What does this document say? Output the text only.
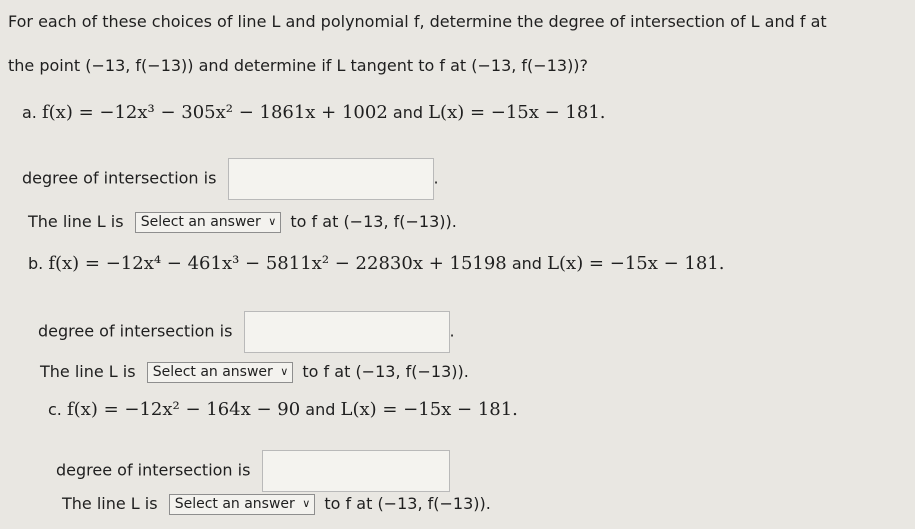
For each of these choices of line L and polynomial f, determine the degree of intersection of L and f at
the point (−13, f(−13)) and determine if L tangent to f at (−13, f(−13))?
a. f(x) = −12x³ − 305x² − 1861x + 1002 and L(x) = −15x − 181.
degree of intersection is	.
The line L is Select an answer ∨ to f at (−13, f(−13)).
b. f(x) = −12x⁴ − 461x³ − 5811x² − 22830x + 15198 and L(x) = −15x − 181.
degree of intersection is	.
The line L is Select an answer ∨ to f at (−13, f(−13)).
c. f(x) = −12x² − 164x − 90 and L(x) = −15x − 181.
degree of intersection is
The line L is Select an answer ∨ to f at (−13, f(−13)).
